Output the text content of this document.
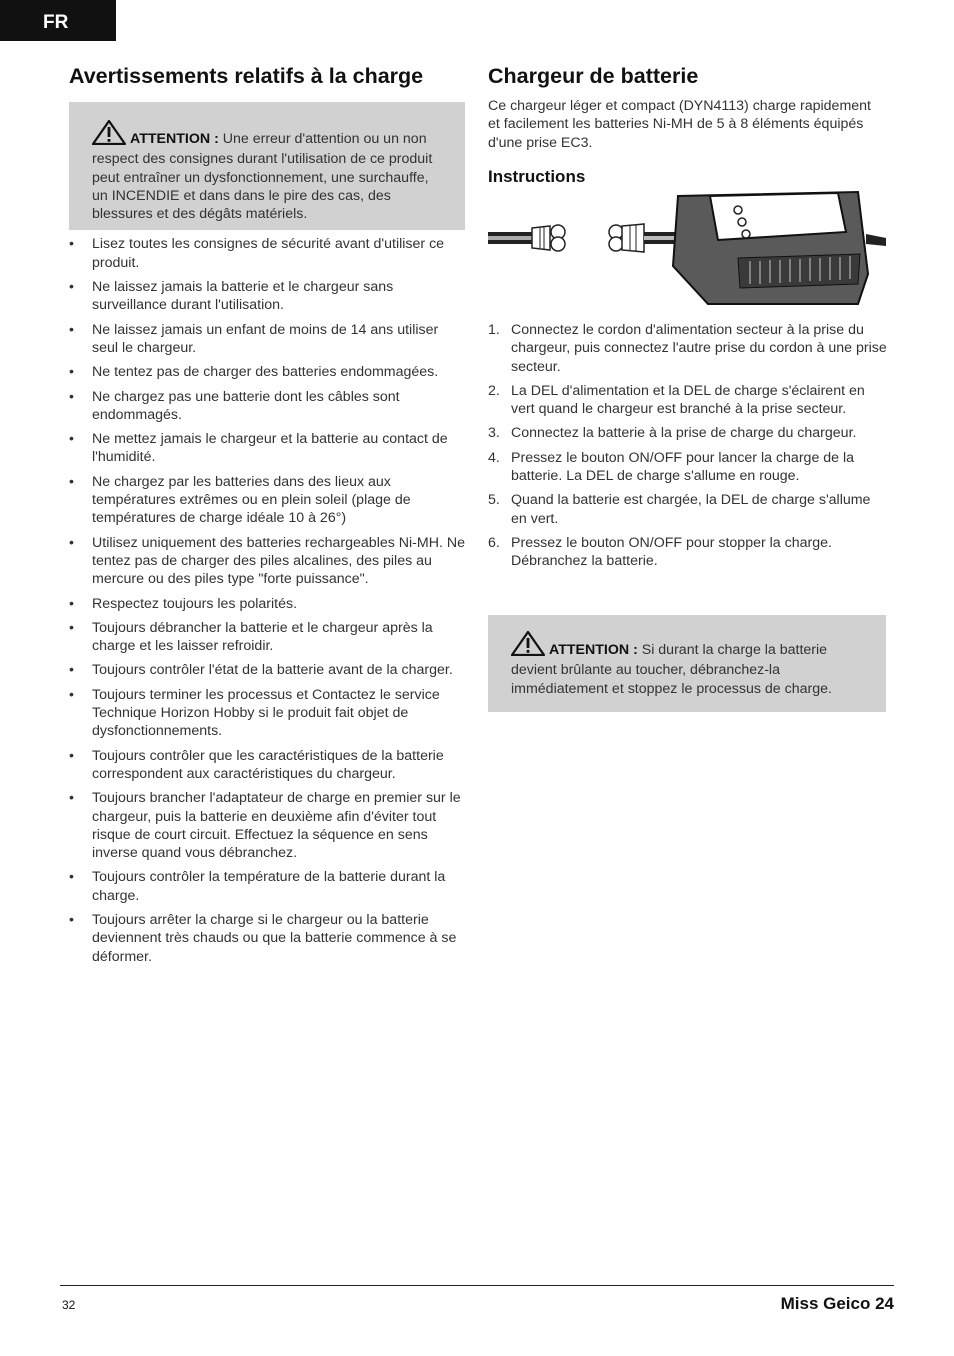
FR
Avertissements relatifs à la charge
ATTENTION : Une erreur d'attention ou un non respect des consignes durant l'utilisation de ce produit peut entraîner un dysfonctionnement, une surchauffe, un INCENDIE et dans dans le pire des cas, des blessures et des dégâts matériels.
• Lisez toutes les consignes de sécurité avant d'utiliser ce produit.
• Ne laissez jamais la batterie et le chargeur sans surveillance durant l'utilisation.
• Ne laissez jamais un enfant de moins de 14 ans utiliser seul le chargeur.
• Ne tentez pas de charger des batteries endommagées.
• Ne chargez pas une batterie dont les câbles sont endommagés.
• Ne mettez jamais le chargeur et la batterie au contact de l'humidité.
• Ne chargez par les batteries dans des lieux aux températures extrêmes ou en plein soleil (plage de températures de charge idéale 10 à 26°)
• Utilisez uniquement des batteries rechargeables Ni-MH. Ne tentez pas de charger des piles alcalines, des piles au mercure ou des piles type "forte puissance".
• Respectez toujours les polarités.
• Toujours débrancher la batterie et le chargeur après la charge et les laisser refroidir.
• Toujours contrôler l'état de la batterie avant de la charger.
• Toujours terminer les processus et Contactez le service Technique Horizon Hobby si le produit fait objet de dysfonctionnements.
• Toujours contrôler que les caractéristiques de la batterie correspondent aux caractéristiques du chargeur.
• Toujours brancher l'adaptateur de charge en premier sur le chargeur, puis la batterie en deuxième afin d'éviter tout risque de court circuit. Effectuez la séquence en sens inverse quand vous débranchez.
• Toujours contrôler la température de la batterie durant la charge.
• Toujours arrêter la charge si le chargeur ou la batterie deviennent très chauds ou que la batterie commence à se déformer.
Chargeur de batterie

Ce chargeur léger et compact (DYN4113) charge rapidement et facilement les batteries Ni-MH de 5 à 8 éléments équipés d'une prise EC3.

Instructions
1. Connectez le cordon d'alimentation secteur à la prise du chargeur, puis connectez l'autre prise du cordon à une prise secteur.
2. La DEL d'alimentation et la DEL de charge s'éclairent en vert quand le chargeur est branché à la prise secteur.
3. Connectez la batterie à la prise de charge du chargeur.
4. Pressez le bouton ON/OFF pour lancer la charge de la batterie. La DEL de charge s'allume en rouge.
5. Quand la batterie est chargée, la DEL de charge s'allume en vert.
6. Pressez le bouton ON/OFF pour stopper la charge. Débranchez la batterie.
ATTENTION : Si durant la charge la batterie devient brûlante au toucher, débranchez-la immédiatement et stoppez le processus de charge.
32	Miss Geico 24
